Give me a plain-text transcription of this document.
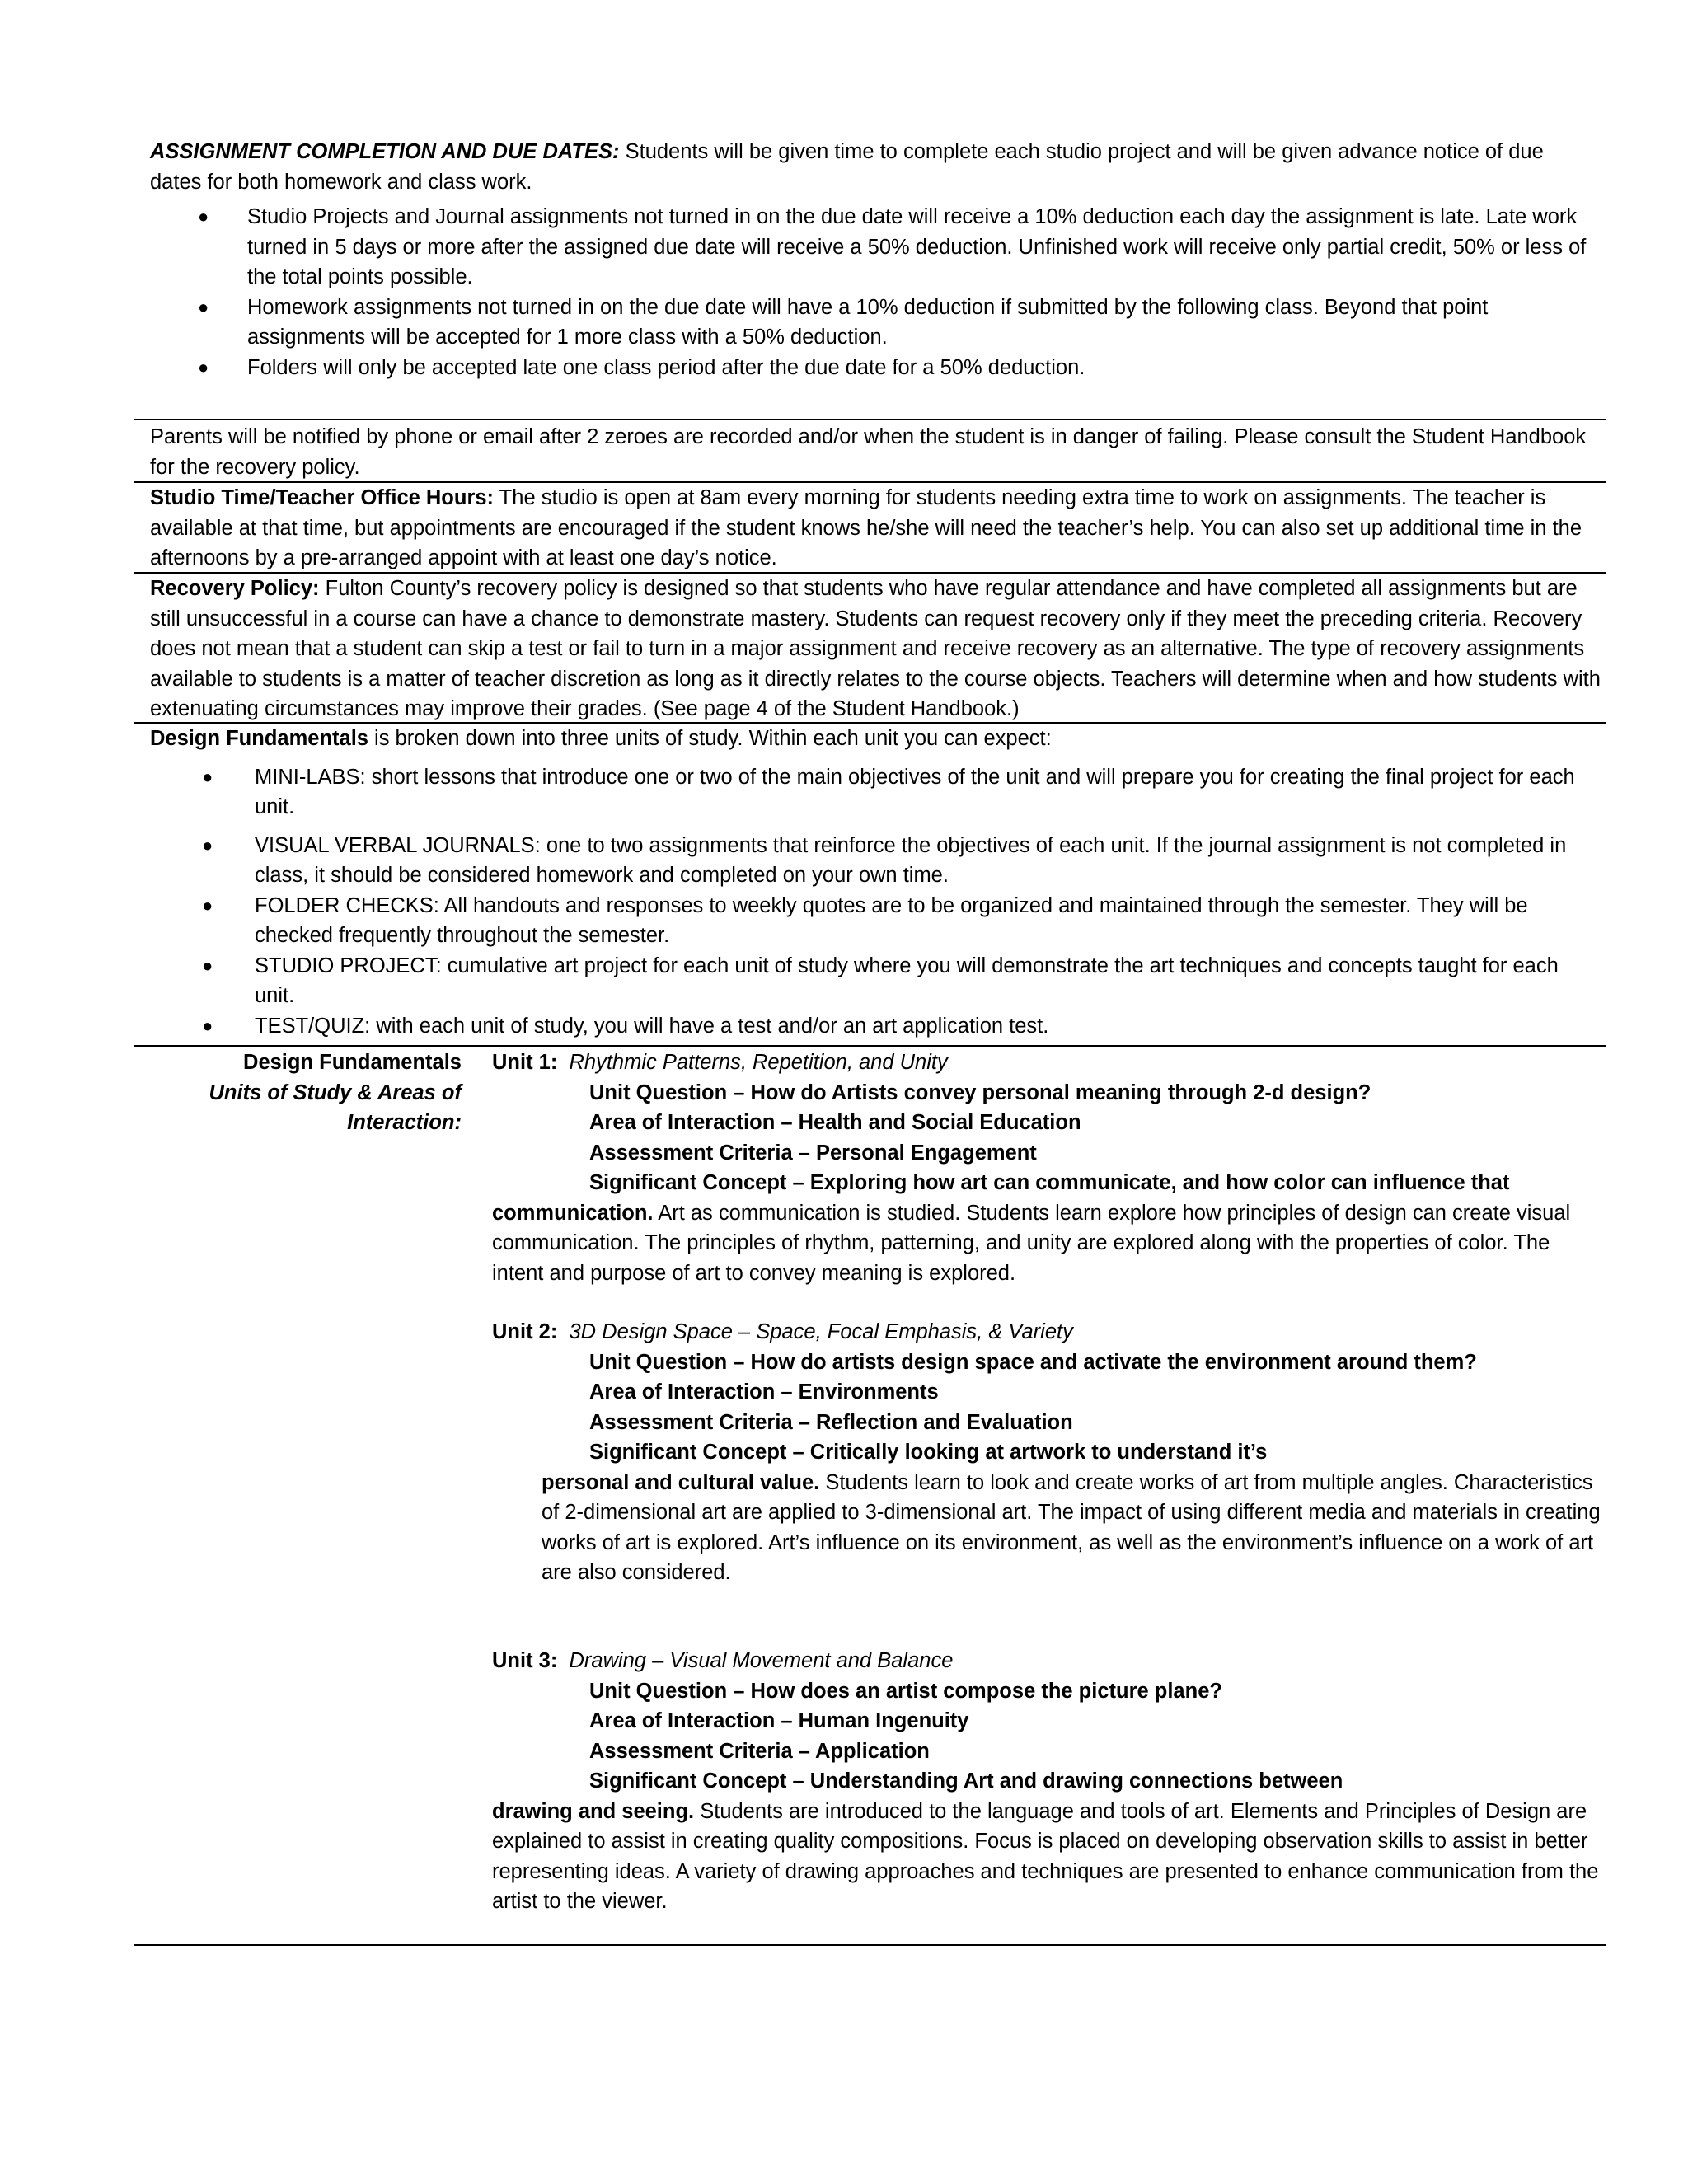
ASSIGNMENT COMPLETION AND DUE DATES: Students will be given time to complete each studio project and will be given advance notice of due dates for both homework and class work.
● Studio Projects and Journal assignments not turned in on the due date will receive a 10% deduction each day the assignment is late. Late work turned in 5 days or more after the assigned due date will receive a 50% deduction. Unfinished work will receive only partial credit, 50% or less of the total points possible.
● Homework assignments not turned in on the due date will have a 10% deduction if submitted by the following class. Beyond that point assignments will be accepted for 1 more class with a 50% deduction.
● Folders will only be accepted late one class period after the due date for a 50% deduction.
Parents will be notified by phone or email after 2 zeroes are recorded and/or when the student is in danger of failing. Please consult the Student Handbook for the recovery policy.
Studio Time/Teacher Office Hours: The studio is open at 8am every morning for students needing extra time to work on assignments. The teacher is available at that time, but appointments are encouraged if the student knows he/she will need the teacher’s help. You can also set up additional time in the afternoons by a pre-arranged appoint with at least one day’s notice.
Recovery Policy: Fulton County’s recovery policy is designed so that students who have regular attendance and have completed all assignments but are still unsuccessful in a course can have a chance to demonstrate mastery. Students can request recovery only if they meet the preceding criteria. Recovery does not mean that a student can skip a test or fail to turn in a major assignment and receive recovery as an alternative. The type of recovery assignments available to students is a matter of teacher discretion as long as it directly relates to the course objects. Teachers will determine when and how students with extenuating circumstances may improve their grades. (See page 4 of the Student Handbook.)
Design Fundamentals is broken down into three units of study. Within each unit you can expect:
● MINI-LABS: short lessons that introduce one or two of the main objectives of the unit and will prepare you for creating the final project for each unit.
● VISUAL VERBAL JOURNALS: one to two assignments that reinforce the objectives of each unit. If the journal assignment is not completed in class, it should be considered homework and completed on your own time.
● FOLDER CHECKS: All handouts and responses to weekly quotes are to be organized and maintained through the semester. They will be checked frequently throughout the semester.
● STUDIO PROJECT: cumulative art project for each unit of study where you will demonstrate the art techniques and concepts taught for each unit.
● TEST/QUIZ: with each unit of study, you will have a test and/or an art application test.
Design Fundamentals
Units of Study & Areas of Interaction:
Unit 1: Rhythmic Patterns, Repetition, and Unity
Unit Question – How do Artists convey personal meaning through 2-d design?
Area of Interaction – Health and Social Education
Assessment Criteria – Personal Engagement
Significant Concept – Exploring how art can communicate, and how color can influence that
communication. Art as communication is studied. Students learn explore how principles of design can create visual communication. The principles of rhythm, patterning, and unity are explored along with the properties of color. The intent and purpose of art to convey meaning is explored.
Unit 2: 3D Design Space – Space, Focal Emphasis, & Variety
Unit Question – How do artists design space and activate the environment around them?
Area of Interaction – Environments
Assessment Criteria – Reflection and Evaluation
Significant Concept – Critically looking at artwork to understand it’s
personal and cultural value. Students learn to look and create works of art from multiple angles. Characteristics of 2-dimensional art are applied to 3-dimensional art. The impact of using different media and materials in creating works of art is explored. Art’s influence on its environment, as well as the environment’s influence on a work of art are also considered.
Unit 3: Drawing – Visual Movement and Balance
Unit Question – How does an artist compose the picture plane?
Area of Interaction – Human Ingenuity
Assessment Criteria – Application
Significant Concept – Understanding Art and drawing connections between
drawing and seeing. Students are introduced to the language and tools of art. Elements and Principles of Design are explained to assist in creating quality compositions. Focus is placed on developing observation skills to assist in better representing ideas. A variety of drawing approaches and techniques are presented to enhance communication from the artist to the viewer.
